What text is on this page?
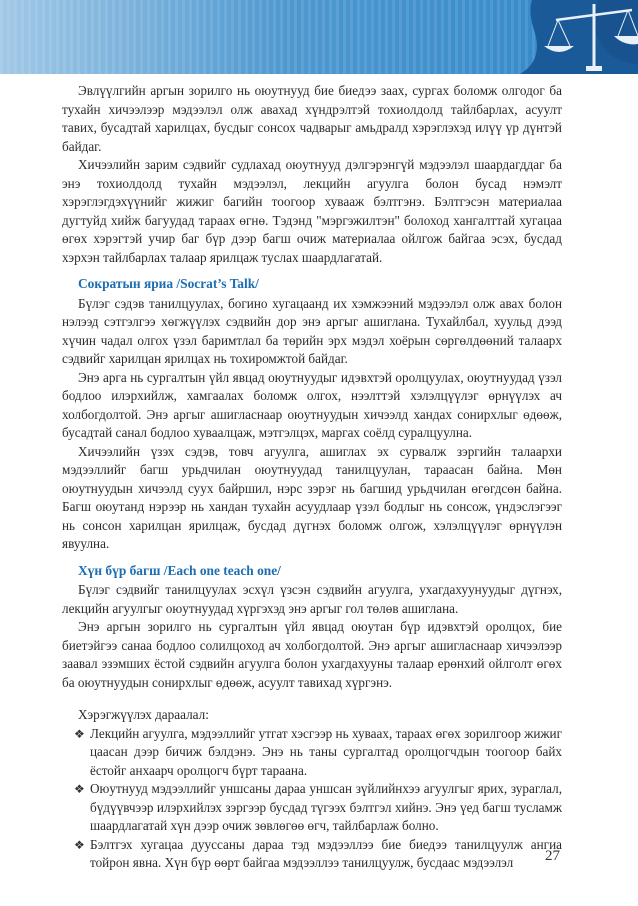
Эвлүүлгийн аргын зорилго нь оюутнууд бие биедээ заах, сургах боломж олгодог ба тухайн хичээлээр мэдээлэл олж авахад хүндрэлтэй тохиолдолд тайлбарлах, асуулт тавих, бусадтай харилцах, бусдыг сонсох чадварыг амьдралд хэрэглэхэд илүү үр дүнтэй байдаг.

Хичээлийн зарим сэдвийг судлахад оюутнууд дэлгэрэнгүй мэдээлэл шаардагддаг ба энэ тохиолдолд тухайн мэдээлэл, лекцийн агуулга болон бусад нэмэлт хэрэглэгдэхүүнийг жижиг багийн тоогоор хувааж бэлтгэнэ. Бэлтгэсэн материалаа дугтуйд хийж багуудад тараах өгнө. Тэдэнд "мэргэжилтэн" болоход хангалттай хугацаа өгөх хэрэгтэй учир баг бүр дээр багш очиж материалаа ойлгож байгаа эсэх, бусдад хэрхэн тайлбарлах талаар ярилцаж туслах шаардлагатай.

Сократын яриа /Socrat’s Talk/

Бүлэг сэдэв танилцуулах, богино хугацаанд их хэмжээний мэдээлэл олж авах болон нэлээд сэтгэлгээ хөгжүүлэх сэдвийн дор энэ аргыг ашиглана. Тухайлбал, хуульд дээд хүчин чадал олгох үзэл баримтлал ба төрийн эрх мэдэл хоёрын сөргөлдөөний талаарх сэдвийг харилцан ярилцах нь тохиромжтой байдаг.

Энэ арга нь сургалтын үйл явцад оюутнуудыг идэвхтэй оролцуулах, оюутнуудад үзэл бодлоо илэрхийлж, хамгаалах боломж олгох, нээлттэй хэлэлцүүлэг өрнүүлэх ач холбогдолтой. Энэ аргыг ашигласнаар оюутнуудын хичээлд хандах сонирхлыг өдөөж, бусадтай санал бодлоо хуваалцаж, мэтгэлцэх, маргах соёлд суралцуулна.

Хичээлийн үзэх сэдэв, товч агуулга, ашиглах эх сурвалж зэргийн талаархи мэдээллийг багш урьдчилан оюутнуудад танилцуулан, тараасан байна. Мөн оюутнуудын хичээлд суух байршил, нэрс зэрэг нь багшид урьдчилан өгөгдсөн байна. Багш оюутанд нэрээр нь хандан тухайн асуудлаар үзэл бодлыг нь сонсож, үндэслэгээг нь сонсон харилцан ярилцаж, бусдад дүгнэх боломж олгож, хэлэлцүүлэг өрнүүлэн явуулна.

Хүн бүр багш /Each one teach one/

Бүлэг сэдвийг танилцуулах эсхүл үзсэн сэдвийн агуулга, ухагдахуунуудыг дүгнэх, лекцийн агуулгыг оюутнуудад хүргэхэд энэ аргыг гол төлөв ашиглана.

Энэ аргын зорилго нь сургалтын үйл явцад оюутан бүр идэвхтэй оролцох, бие биетэйгээ санаа бодлоо солилцоход ач холбогдолтой. Энэ аргыг ашигласнаар хичээлээр заавал эзэмших ёстой сэдвийн агуулга болон ухагдахууны талаар ерөнхий ойлголт өгөх ба оюутнуудын сонирхлыг өдөөж, асуулт тавихад хүргэнэ.

Хэрэгжүүлэх дараалал:

❖ Лекцийн агуулга, мэдээллийг утгат хэсгээр нь хуваах, тараах өгөх зорилгоор жижиг цаасан дээр бичиж бэлдэнэ. Энэ нь таны сургалтад оролцогчдын тоогоор байх ёстойг анхаарч оролцогч бүрт тараана.
❖ Оюутнууд мэдээллийг уншсаны дараа уншсан зүйлийнхээ агуулгыг ярих, зураглал, бүдүүвчээр илэрхийлэх зэргээр бусдад түгээх бэлтгэл хийнэ. Энэ үед багш тусламж шаардлагатай хүн дээр очиж зөвлөгөө өгч, тайлбарлаж болно.
❖ Бэлтгэх хугацаа дууссаны дараа тэд мэдээллээ бие биедээ танилцуулж ангиа тойрон явна. Хүн бүр өөрт байгаа мэдээллээ танилцуулж, бусдаас мэдээлэл	27
